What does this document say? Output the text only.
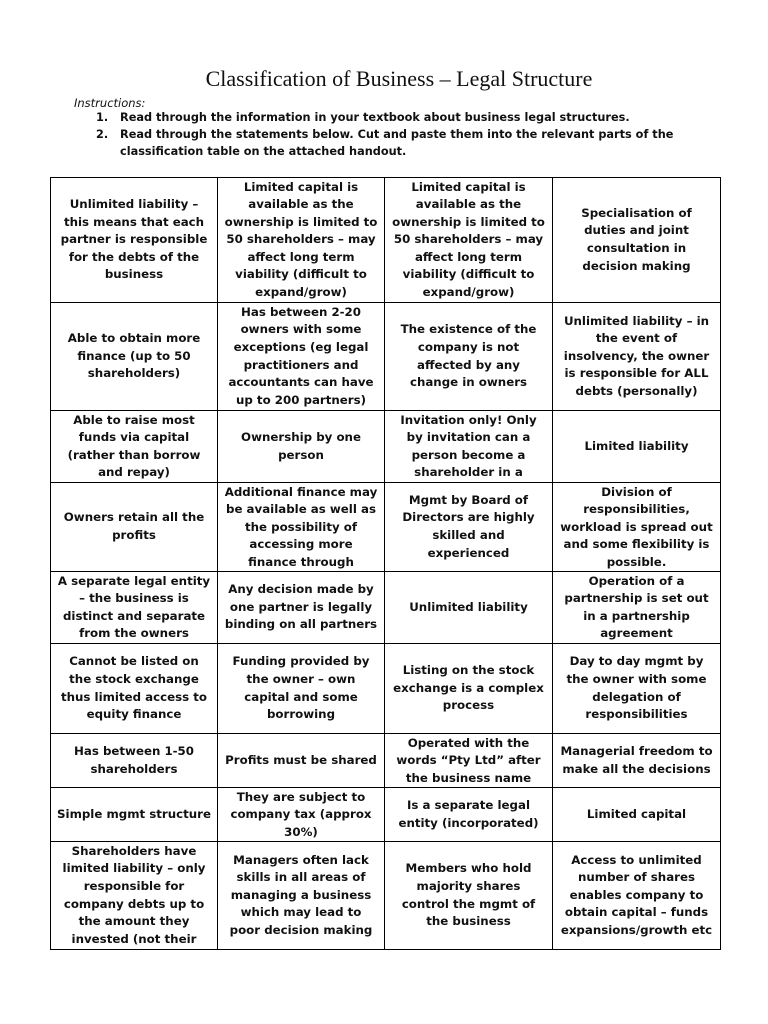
Classification of Business – Legal Structure
Instructions:
1.	Read through the information in your textbook about business legal structures.
2.	Read through the statements below. Cut and paste them into the relevant parts of the classification table on the attached handout.
Unlimited liability – this means that each partner is responsible for the debts of the business	Limited capital is available as the ownership is limited to 50 shareholders – may affect long term viability (difficult to expand/grow)	Limited capital is available as the ownership is limited to 50 shareholders – may affect long term viability (difficult to expand/grow)	Specialisation of duties and joint consultation in decision making

Able to obtain more finance (up to 50 shareholders)	Has between 2-20 owners with some exceptions (eg legal practitioners and accountants can have up to 200 partners)	The existence of the company is not affected by any change in owners	Unlimited liability – in the event of insolvency, the owner is responsible for ALL debts (personally)

Able to raise most funds via capital (rather than borrow and repay)	Ownership by one person	Invitation only! Only by invitation can a person become a shareholder in a	Limited liability

Owners retain all the profits	Additional finance may be available as well as the possibility of accessing more finance through	Mgmt by Board of Directors are highly skilled and experienced	Division of responsibilities, workload is spread out and some flexibility is possible.

A separate legal entity – the business is distinct and separate from the owners	Any decision made by one partner is legally binding on all partners	Unlimited liability	Operation of a partnership is set out in a partnership agreement

Cannot be listed on the stock exchange thus limited access to equity finance	Funding provided by the owner – own capital and some borrowing	Listing on the stock exchange is a complex process	Day to day mgmt by the owner with some delegation of responsibilities

Has between 1-50 shareholders	Profits must be shared	Operated with the words “Pty Ltd” after the business name	Managerial freedom to make all the decisions

Simple mgmt structure	They are subject to company tax (approx 30%)	Is a separate legal entity (incorporated)	Limited capital

Shareholders have limited liability – only responsible for company debts up to the amount they invested (not their	Managers often lack skills in all areas of managing a business which may lead to poor decision making	Members who hold majority shares control the mgmt of the business	Access to unlimited number of shares enables company to obtain capital – funds expansions/growth etc
